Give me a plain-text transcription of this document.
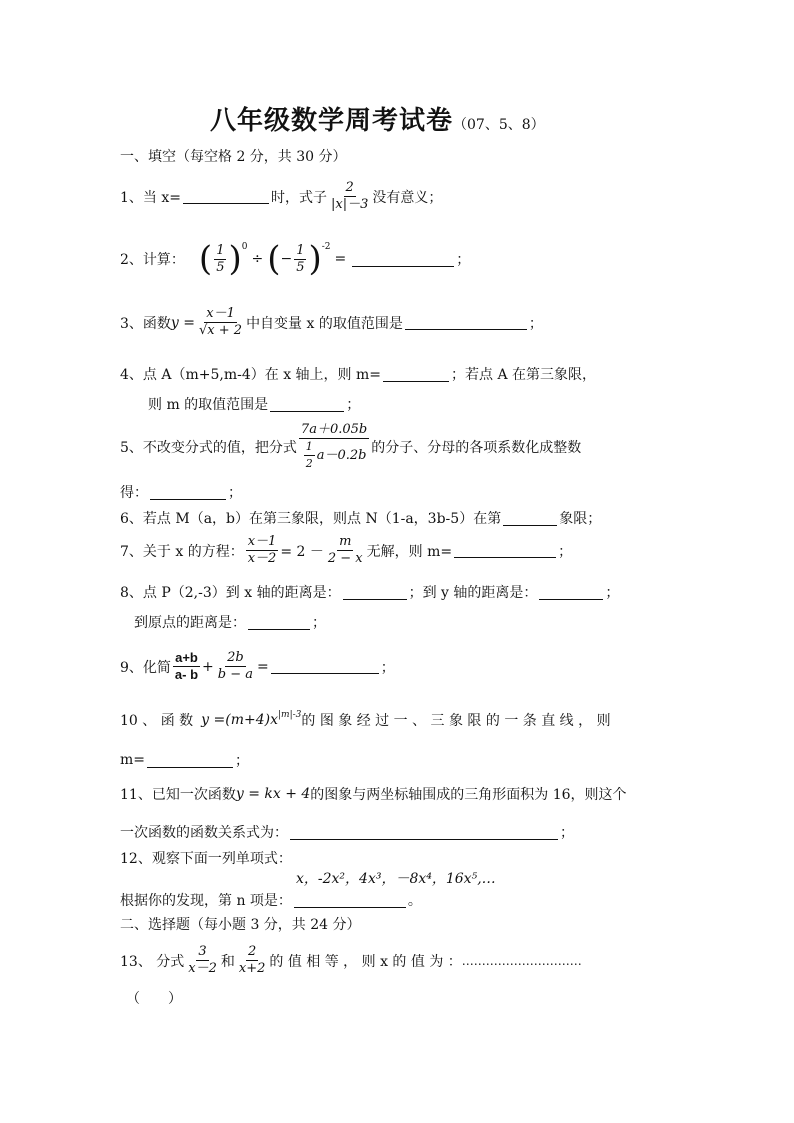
八年级数学周考试卷（07、5、8）
一、填空（每空格 2 分，共 30 分）
1、当 x=	时，式子 $\frac{2}{|x|-3}$ 没有意义；
2、计算： ( $\frac{1}{5} )^0$
÷ ( − $\frac{1}{5} )^{-2}$
=	；
3、函数 $y = \frac{x-1}{√x + 2}$ 中自变量 x 的取值范围是	；
4、点 A（m+5,m-4）在 x 轴上，则 m=	；若点 A 在第三象限，
则 m 的取值范围是	；
5、不改变分式的值，把分式 $\frac{7a+0.05b}{\frac{1}{2} a-0.2b}$ 的分子、分母的各项系数化成整数
得：	；
6、若点 M（a，b）在第三象限，则点 N（1-a，3b-5）在第	象限；
7、关于 x 的方程： $\frac{x-1}{x-2} = 2 - \frac{m}{2 - x}$ 无解，则 m=	；
8、点 P（2,-3）到 x 轴的距离是：	；到 y 轴的距离是：	；
到原点的距离是：	；
9、化简 $\frac{a+b}{a- b} + \frac{2b}{b - a}$ =	；
10 、 函 数 $y =(m+4)x^{|m|-3}$ 的 图 象 经 过 一 、 三 象 限 的 一 条 直 线 ， 则
m=	；
11、已知一次函数 y = kx + 4 的图象与两坐标轴围成的三角形面积为 16，则这个
一次函数的函数关系式为：	；
12、观察下面一列单项式：
x，-2x²，4x³，－8x⁴，16x⁵,…
根据你的发现，第 n 项是：	。
二、选择题（每小题 3 分，共 24 分）
13、 分式 $\frac{3}{x-2}$ 和 $\frac{2}{x+2}$ 的 值 相 等 ， 则 x 的 值 为 ： …………………………
（　　）
